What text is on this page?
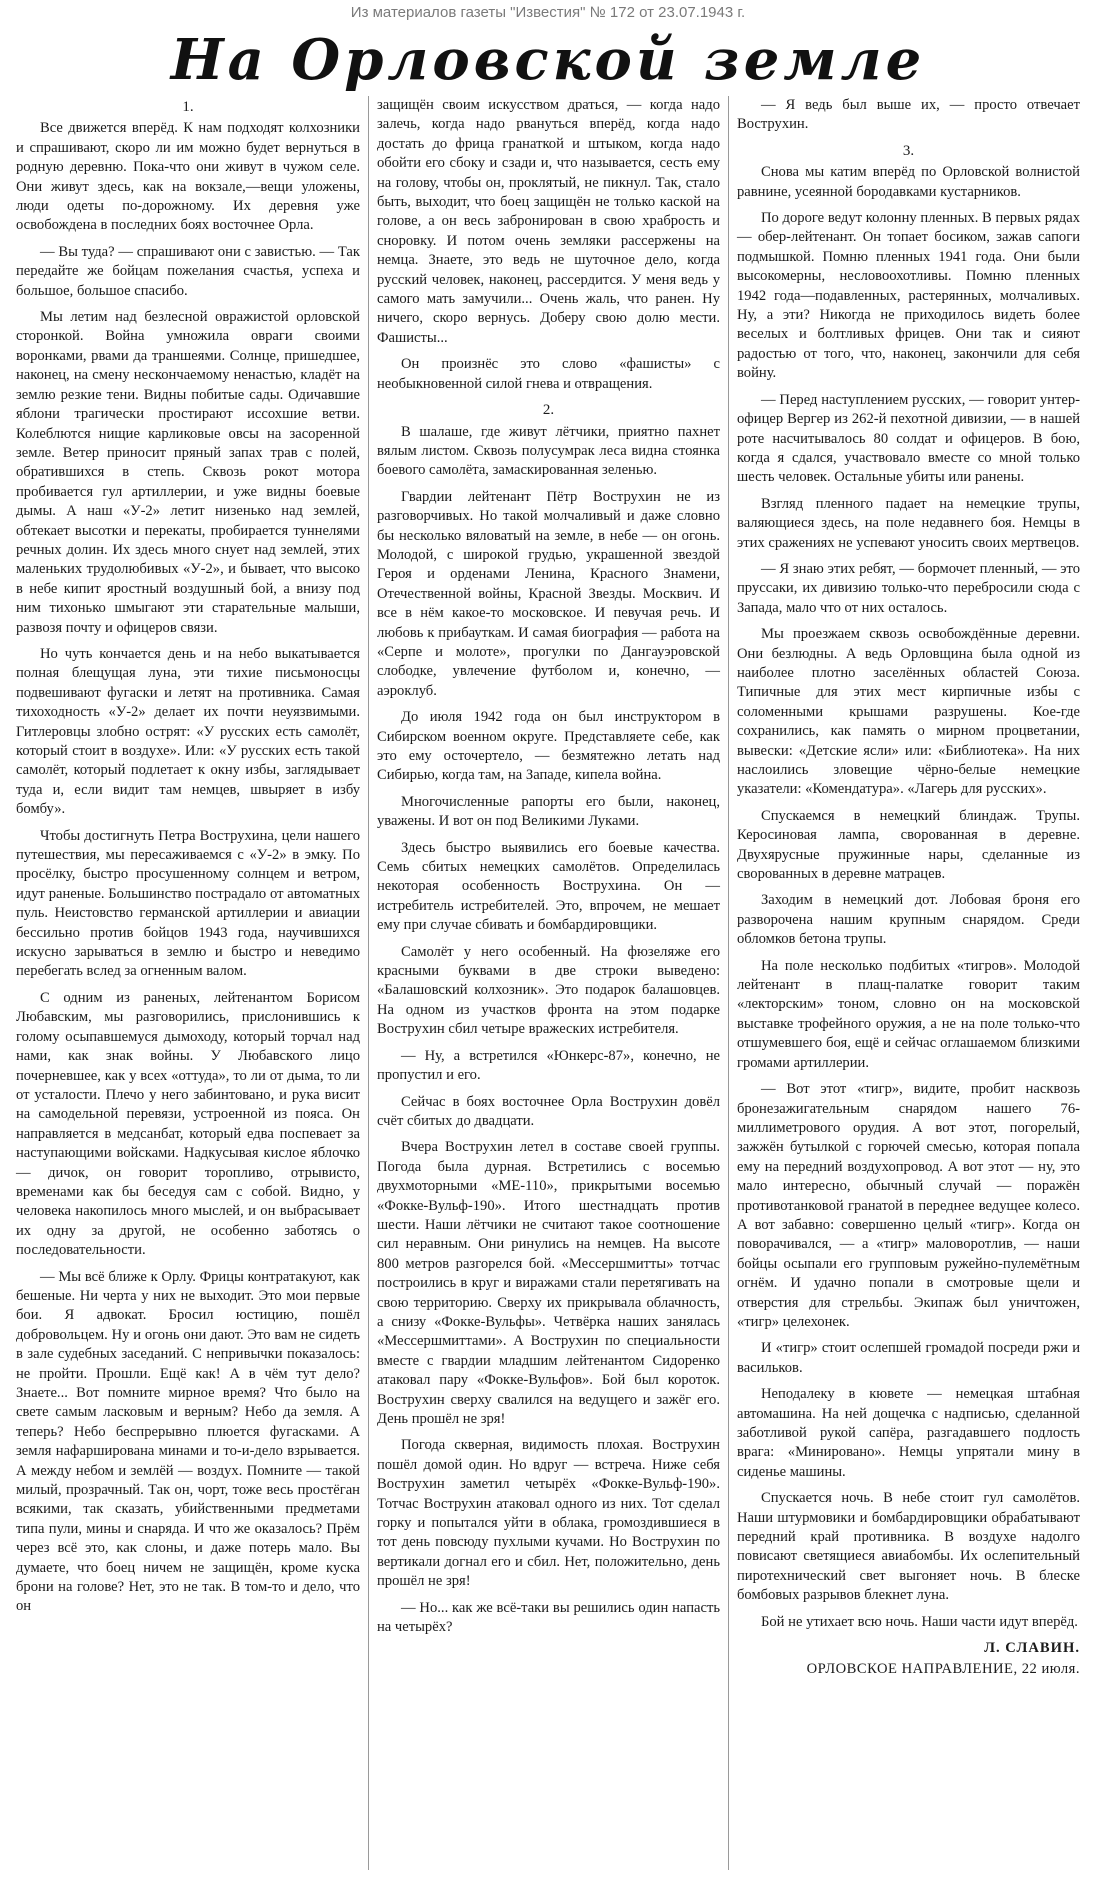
Из материалов газеты "Известия" № 172 от 23.07.1943 г.
На Орловской земле
1.

Все движется вперёд. К нам подходят колхозники и спрашивают, скоро ли им можно будет вернуться в родную деревню. Пока-что они живут в чужом селе. Они живут здесь, как на вокзале,—вещи уложены, люди одеты по-дорожному. Их деревня уже освобождена в последних боях восточнее Орла.

— Вы туда? — спрашивают они с завистью. — Так передайте же бойцам пожелания счастья, успеха и большое, большое спасибо.

Мы летим над безлесной овражистой орловской сторонкой. Война умножила овраги своими воронками, рвами да траншеями. Солнце, пришедшее, наконец, на смену нескончаемому ненастью, кладёт на землю резкие тени. Видны побитые сады. Одичавшие яблони трагически простирают иссохшие ветви. Колеблются нищие карликовые овсы на засоренной земле. Ветер приносит пряный запах трав с полей, обратившихся в степь. Сквозь рокот мотора пробивается гул артиллерии, и уже видны боевые дымы. А наш «У-2» летит низенько над землей, обтекает высотки и перекаты, пробирается туннелями речных долин. Их здесь много снует над землей, этих маленьких трудолюбивых «У-2», и бывает, что высоко в небе кипит яростный воздушный бой, а внизу под ним тихонько шмыгают эти старательные малыши, развозя почту и офицеров связи.

Но чуть кончается день и на небо выкатывается полная блещущая луна, эти тихие письмоносцы подвешивают фугаски и летят на противника. Самая тихоходность «У-2» делает их почти неуязвимыми. Гитлеровцы злобно острят: «У русских есть самолёт, который стоит в воздухе». Или: «У русских есть такой самолёт, который подлетает к окну избы, заглядывает туда и, если видит там немцев, швыряет в избу бомбу».

Чтобы достигнуть Петра Вострухина, цели нашего путешествия, мы пересаживаемся с «У-2» в эмку. По просёлку, быстро просушенному солнцем и ветром, идут раненые. Большинство пострадало от автоматных пуль. Неистовство германской артиллерии и авиации бессильно против бойцов 1943 года, научившихся искусно зарываться в землю и быстро и неведимо перебегать вслед за огненным валом.

С одним из раненых, лейтенантом Борисом Любавским, мы разговорились, прислонившись к голому осыпавшемуся дымоходу, который торчал над нами, как знак войны. У Любавского лицо почерневшее, как у всех «оттуда», то ли от дыма, то ли от усталости. Плечо у него забинтовано, и рука висит на самодельной перевязи, устроенной из пояса. Он направляется в медсанбат, который едва поспевает за наступающими войсками. Надкусывая кислое яблочко — дичок, он говорит торопливо, отрывисто, временами как бы беседуя сам с собой. Видно, у человека накопилось много мыслей, и он выбрасывает их одну за другой, не особенно заботясь о последовательности.

— Мы всё ближе к Орлу. Фрицы контратакуют, как бешеные. Ни черта у них не выходит. Это мои первые бои. Я адвокат. Бросил юстицию, пошёл добровольцем. Ну и огонь они дают. Это вам не сидеть в зале судебных заседаний. С непривычки показалось: не пройти. Прошли. Ещё как! А в чём тут дело? Знаете... Вот помните мирное время? Что было на свете самым ласковым и верным? Небо да земля. А теперь? Небо беспрерывно плюется фугасками. А земля нафарширована минами и то-и-дело взрывается. А между небом и землёй — воздух. Помните — такой милый, прозрачный. Так он, чорт, тоже весь простёган всякими, так сказать, убийственными предметами типа пули, мины и снаряда. И что же оказалось? Прём через всё это, как слоны, и даже потерь мало. Вы думаете, что боец ничем не защищён, кроме куска брони на голове? Нет, это не так. В том-то и дело, что он

защищён своим искусством драться, — когда надо залечь, когда надо рвануться вперёд, когда надо достать до фрица гранаткой и штыком, когда надо обойти его сбоку и сзади и, что называется, сесть ему на голову, чтобы он, проклятый, не пикнул. Так, стало быть, выходит, что боец защищён не только каской на голове, а он весь забронирован в свою храбрость и сноровку. И потом очень земляки рассержены на немца. Знаете, это ведь не шуточное дело, когда русский человек, наконец, рассердится. У меня ведь у самого мать замучили... Очень жаль, что ранен. Ну ничего, скоро вернусь. Доберу свою долю мести. Фашисты...

Он произнёс это слово «фашисты» с необыкновенной силой гнева и отвращения.

2.

В шалаше, где живут лётчики, приятно пахнет вялым листом. Сквозь полусумрак леса видна стоянка боевого самолёта, замаскированная зеленью.

Гвардии лейтенант Пётр Вострухин не из разговорчивых. Но такой молчаливый и даже словно бы несколько вяловатый на земле, в небе — он огонь. Молодой, с широкой грудью, украшенной звездой Героя и орденами Ленина, Красного Знамени, Отечественной войны, Красной Звезды. Москвич. И все в нём какое-то московское. И певучая речь. И любовь к прибауткам. И самая биография — работа на «Серпе и молоте», прогулки по Дангауэровской слободке, увлечение футболом и, конечно, — аэроклуб.

До июля 1942 года он был инструктором в Сибирском военном округе. Представляете себе, как это ему осточертело, — безмятежно летать над Сибирью, когда там, на Западе, кипела война.

Многочисленные рапорты его были, наконец, уважены. И вот он под Великими Луками.

Здесь быстро выявились его боевые качества. Семь сбитых немецких самолётов. Определилась некоторая особенность Вострухина. Он — истребитель истребителей. Это, впрочем, не мешает ему при случае сбивать и бомбардировщики.

Самолёт у него особенный. На фюзеляже его красными буквами в две строки выведено: «Балашовский колхозник». Это подарок балашовцев. На одном из участков фронта на этом подарке Вострухин сбил четыре вражеских истребителя.

— Ну, а встретился «Юнкерс-87», конечно, не пропустил и его.

Сейчас в боях восточнее Орла Вострухин довёл счёт сбитых до двадцати.

Вчера Вострухин летел в составе своей группы. Погода была дурная. Встретились с восемью двухмоторными «МЕ-110», прикрытыми восемью «Фокке-Вульф-190». Итого шестнадцать против шести. Наши лётчики не считают такое соотношение сил неравным. Они ринулись на немцев. На высоте 800 метров разгорелся бой. «Мессершмитты» тотчас построились в круг и виражами стали перетягивать на свою территорию. Сверху их прикрывала облачность, а снизу «Фокке-Вульфы». Четвёрка наших занялась «Мессершмиттами». А Вострухин по специальности вместе с гвардии младшим лейтенантом Сидоренко атаковал пару «Фокке-Вульфов». Бой был короток. Вострухин сверху свалился на ведущего и зажёг его. День прошёл не зря!

Погода скверная, видимость плохая. Вострухин пошёл домой один. Но вдруг — встреча. Ниже себя Вострухин заметил четырёх «Фокке-Вульф-190». Тотчас Вострухин атаковал одного из них. Тот сделал горку и попытался уйти в облака, громоздившиеся в тот день повсюду пухлыми кучами. Но Вострухин по вертикали догнал его и сбил. Нет, положительно, день прошёл не зря!

— Но... как же всё-таки вы решились один напасть на четырёх?

— Я ведь был выше их, — просто отвечает Вострухин.

3.

Снова мы катим вперёд по Орловской волнистой равнине, усеянной бородавками кустарников.

По дороге ведут колонну пленных. В первых рядах — обер-лейтенант. Он топает босиком, зажав сапоги подмышкой. Помню пленных 1941 года. Они были высокомерны, несловоохотливы. Помню пленных 1942 года—подавленных, растерянных, молчаливых. Ну, а эти? Никогда не приходилось видеть более веселых и болтливых фрицев. Они так и сияют радостью от того, что, наконец, закончили для себя войну.

— Перед наступлением русских, — говорит унтер-офицер Вергер из 262-й пехотной дивизии, — в нашей роте насчитывалось 80 солдат и офицеров. В бою, когда я сдался, участвовало вместе со мной только шесть человек. Остальные убиты или ранены.

Взгляд пленного падает на немецкие трупы, валяющиеся здесь, на поле недавнего боя. Немцы в этих сражениях не успевают уносить своих мертвецов.

— Я знаю этих ребят, — бормочет пленный, — это пруссаки, их дивизию только-что перебросили сюда с Запада, мало что от них осталось.

Мы проезжаем сквозь освобождённые деревни. Они безлюдны. А ведь Орловщина была одной из наиболее плотно заселённых областей Союза. Типичные для этих мест кирпичные избы с соломенными крышами разрушены. Кое-где сохранились, как память о мирном процветании, вывески: «Детские ясли» или: «Библиотека». На них наслоились зловещие чёрно-белые немецкие указатели: «Комендатура». «Лагерь для русских».

Спускаемся в немецкий блиндаж. Трупы. Керосиновая лампа, своpованная в деревне. Двухярусные пружинные нары, сделанные из своpованных в деревне матрацев.

Заходим в немецкий дот. Лобовая броня его разворочена нашим крупным снарядом. Среди обломков бетона трупы.

На поле несколько подбитых «тигров». Молодой лейтенант в плащ-палатке говорит таким «лекторским» тоном, словно он на московской выставке трофейного оружия, а не на поле только-что отшумевшего боя, ещё и сейчас оглашаемом близкими громами артиллерии.

— Вот этот «тигр», видите, пробит насквозь бронезажигательным снарядом нашего 76-миллиметрового орудия. А вот этот, погорелый, зажжён бутылкой с горючей смесью, которая попала ему на передний воздухопровод. А вот этот — ну, это мало интересно, обычный случай — поражён противотанковой гранатой в переднее ведущее колесо. А вот забавно: совершенно целый «тигр». Когда он поворачивался, — а «тигр» маловоротлив, — наши бойцы осыпали его групповым ружейно-пулемётным огнём. И удачно попали в смотровые щели и отверстия для стрельбы. Экипаж был уничтожен, «тигр» целехонек.

И «тигр» стоит ослепшей громадой посреди ржи и васильков.

Неподалеку в кювете — немецкая штабная автомашина. На ней дощечка с надписью, сделанной заботливой рукой сапёра, разгадавшего подлость врага: «Минировано». Немцы упрятали мину в сиденье машины.

Спускается ночь. В небе стоит гул самолётов. Наши штурмовики и бомбардировщики обрабатывают передний край противника. В воздухе надолго повисают светящиеся авиабомбы. Их ослепительный пиротехнический свет выгоняет ночь. В блеске бомбовых разрывов блекнет луна.

Бой не утихает всю ночь. Наши части идут вперёд.

Л. СЛАВИН.
ОРЛОВСКОЕ НАПРАВЛЕНИЕ, 22 июля.
